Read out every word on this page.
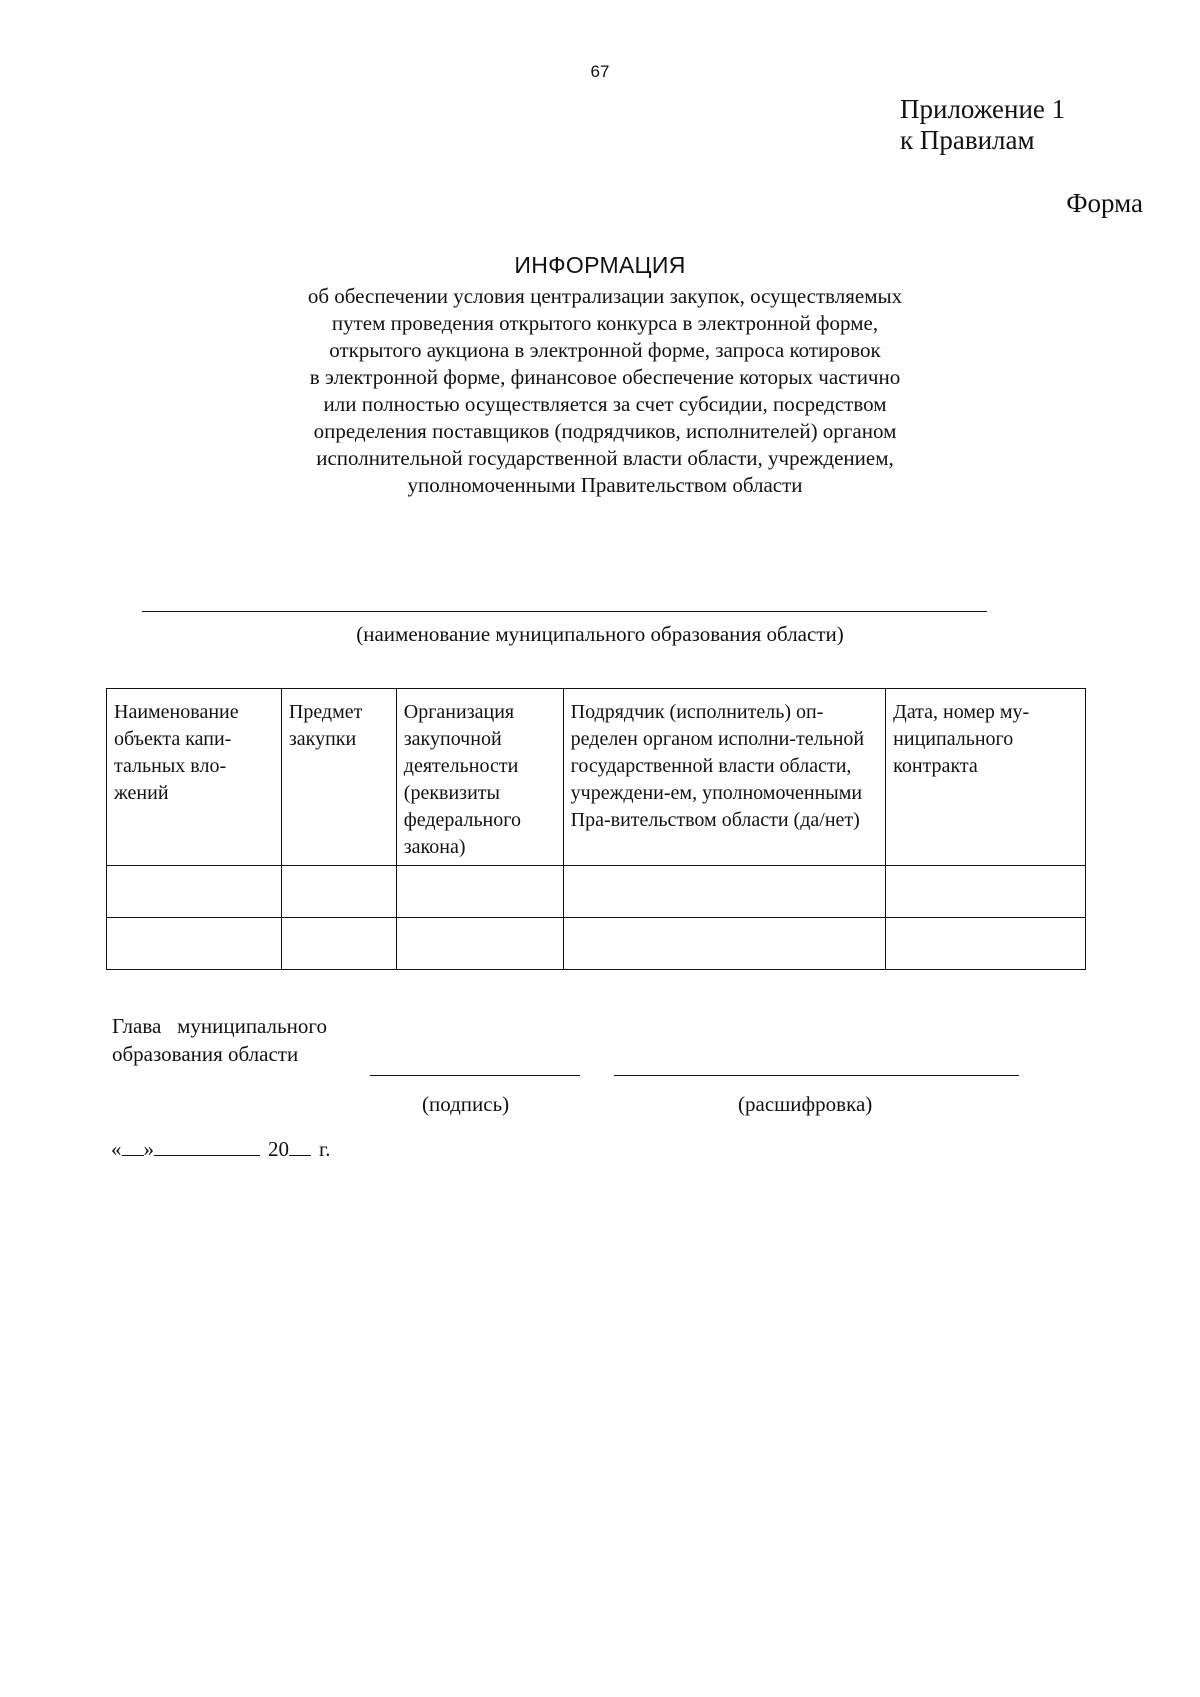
67
Приложение 1
к Правилам
Форма
ИНФОРМАЦИЯ
об обеспечении условия централизации закупок, осуществляемых
путем проведения открытого конкурса в электронной форме,
открытого аукциона в электронной форме, запроса котировок
в электронной форме, финансовое обеспечение которых частично
или полностью осуществляется за счет субсидии, посредством
определения поставщиков (подрядчиков, исполнителей) органом
исполнительной государственной власти области, учреждением,
уполномоченными Правительством области
(наименование муниципального образования области)
Наименование объекта капи-тальных вло-жений	Предмет закупки	Организация закупочной деятельности (реквизиты федерального закона)	Подрядчик (исполнитель) оп-ределен органом исполни-тельной государственной власти области, учреждени-ем, уполномоченными Пра-вительством области (да/нет)	Дата, номер му-ниципального контракта

Глава   муниципального
образования области
(подпись)	(расшифровка)
« »	20 г.
